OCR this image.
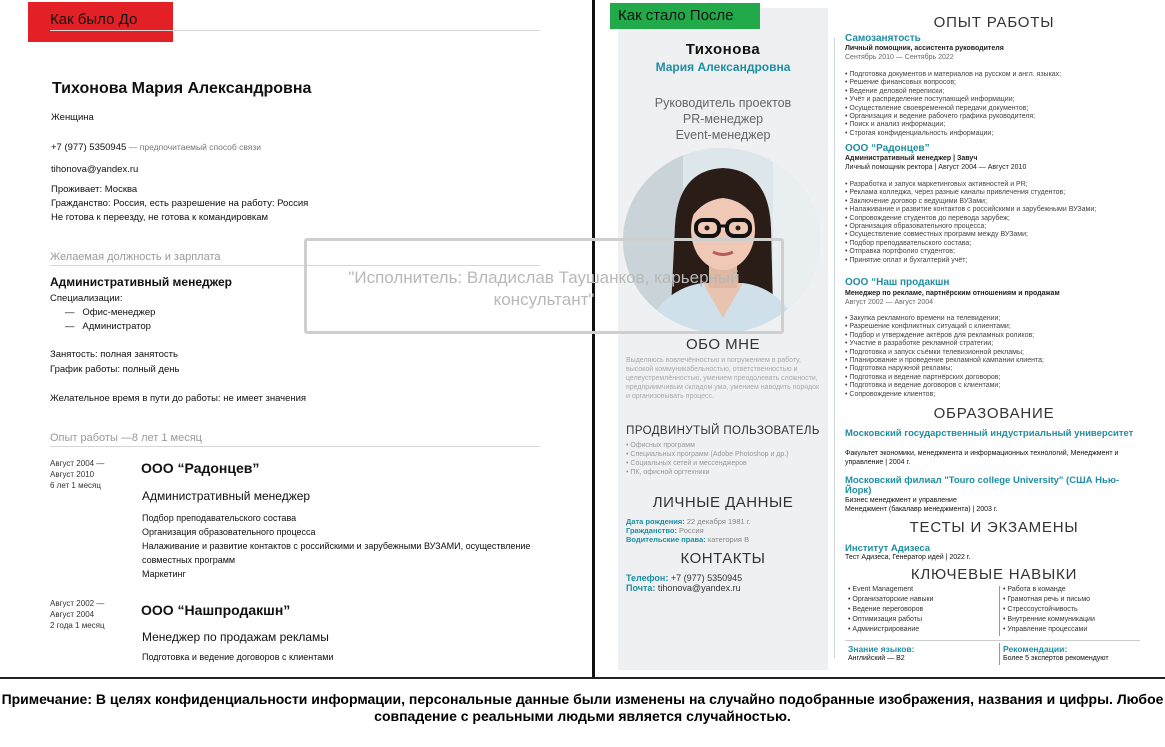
Как было До
Тихонова Мария Александровна
Женщина
+7 (977) 5350945 — предпочитаемый способ связи
tihonova@yandex.ru
Проживает: Москва
Гражданство: Россия, есть разрешение на работу: Россия
Не готова к переезду, не готова к командировкам
Желаемая должность и зарплата
Административный менеджер
Специализации:
—   Офис-менеджер
—   Администратор
Занятость: полная занятость
График работы: полный день
Желательное время в пути до работы: не имеет значения
Опыт работы —8 лет 1 месяц
Август 2004 —
Август 2010
6 лет 1 месяц
ООО “Радонцев”
Административный менеджер
Подбор преподавательского состава
Организация образовательного процесса
Налаживание и развитие контактов с российскими и зарубежными ВУЗАМИ, осуществление совместных программ
Маркетинг
Август 2002 —
Август 2004
2 года 1 месяц
ООО “Нашпродакшн”
Менеджер по продажам рекламы
Подготовка и ведение договоров с клиентами
Тихонова
Мария Александровна
Руководитель проектов
PR-менеджер
Event-менеджер
ОБО МНЕ
Выделяюсь вовлечённостью и погружением в работу, высокой коммуникабельностью, ответственностью и целеустремлённостью, умением преодолевать сложности, предприимчивым складом ума, умением наводить порядок и организовывать процесс.
ПРОДВИНУТЫЙ ПОЛЬЗОВАТЕЛЬ
• Офисных программ
• Специальных программ (Adobe Photoshop и др.)
• Социальных сетей и мессенджеров
• ПК, офисной оргтехники
ЛИЧНЫЕ ДАННЫЕ
Дата рождения: 22 декабря 1981 г.
Гражданство: Россия
Водительские права: категория В
КОНТАКТЫ
Телефон: +7 (977) 5350945
Почта: tihonova@yandex.ru
ОПЫТ РАБОТЫ
Самозанятость
Личный помощник, ассистента руководителя
Сентябрь 2010 — Сентябрь 2022
• Подготовка документов и материалов на русском и англ. языках;
• Решение финансовых вопросов;
• Ведение деловой переписки;
• Учёт и распределение поступающей информации;
• Осуществление своевременной передачи документов;
• Организация и ведение рабочего графика руководителя;
• Поиск и анализ информации;
• Строгая конфиденциальность информации;
ООО “Радонцев”
Административный менеджер | Завуч
Личный помощник ректора | Август 2004 — Август 2010
• Разработка и запуск маркетинговых активностей и PR;
• Реклама колледжа, через разные каналы привлечения студентов;
• Заключение договор с ведущими ВУЗами;
• Налаживание и развитие контактов с российскими и зарубежными ВУЗами;
• Сопровождение студентов до перевода зарубеж;
• Организация образовательного процесса;
• Осуществление совместных программ между ВУЗами;
• Подбор преподавательского состава;
• Отправка портфолио студентов;
• Принятие оплат и бухгалтерий учёт;
ООО “Наш продакшн
Менеджер по рекламе, партнёрским отношениям и продажам
Август 2002 — Август 2004
• Закупка рекламного времени на телевидении;
• Разрешение конфликтных ситуаций с клиентами;
• Подбор и утверждение актёров для рекламных роликов;
• Участие в разработке рекламной стратегии;
• Подготовка и запуск съёмки телевизионной рекламы;
• Планирование и проведение рекламной кампании клиента;
• Подготовка наружной рекламы;
• Подготовка и ведение партнёрских договоров;
• Подготовка и ведение договоров с клиентами;
• Сопровождение клиентов;
ОБРАЗОВАНИЕ
Московский государственный индустриальный университет
Факультет экономики, менеджмента и информационных технологий, Менеджмент и управление | 2004 г.
Московский филиал "Touro college University" (США Нью-Йорк)
Бизнес менеджмент и управление
Менеджмент (бакалавр менеджмента) | 2003 г.
ТЕСТЫ И ЭКЗАМЕНЫ
Институт Адизеса
Тест Адизеса, Генератор идей | 2022 г.
КЛЮЧЕВЫЕ НАВЫКИ
• Event Management
• Организаторские навыки
• Ведение переговоров
• Оптимизация работы
• Администрирование
• Работа в команде
• Грамотная речь и письмо
• Стрессоустойчивость
• Внутренние коммуникации
• Управление процессами
Знание языков:
Английский — B2
Рекомендации:
Более 5 экспертов рекомендуют
Как стало После
"Исполнитель: Владислав Таушанков, карьерный консультант"
Примечание: В целях конфиденциальности информации, персональные данные были изменены на случайно подобранные изображения, названия и цифры. Любое совпадение с реальными людьми является случайностью.
